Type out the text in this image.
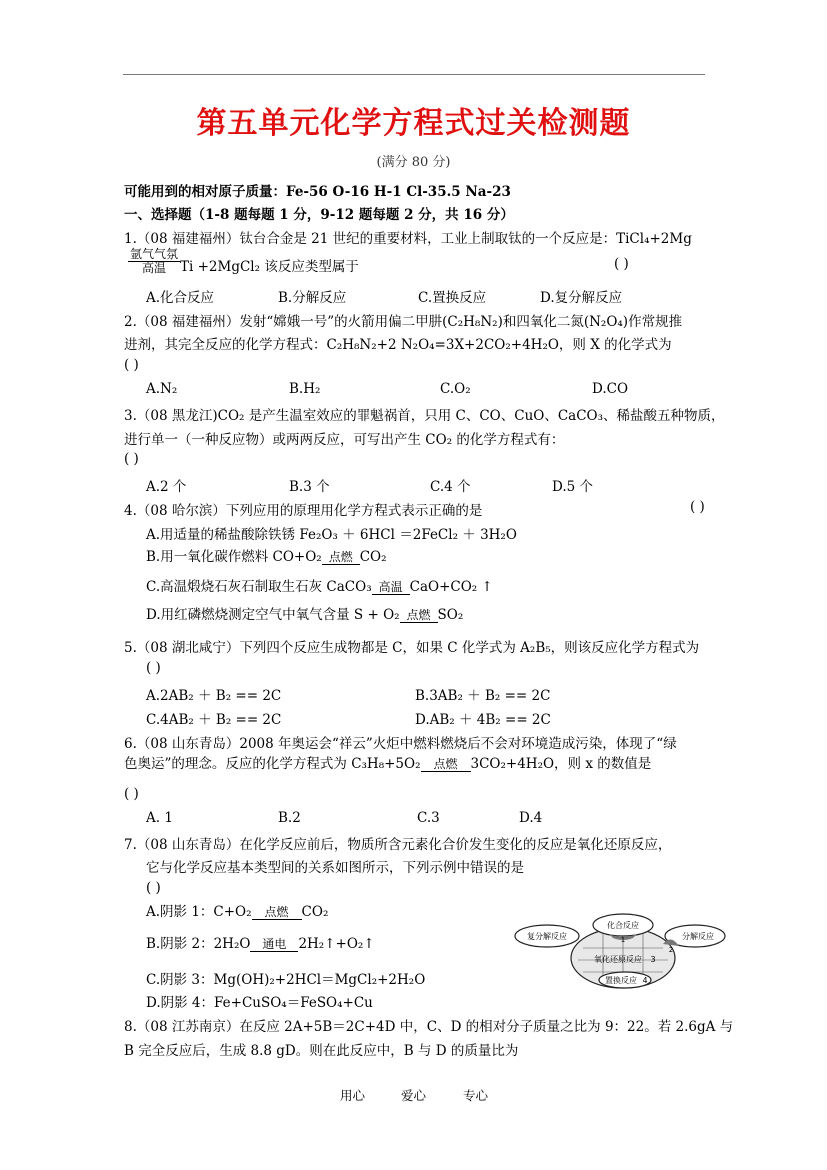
第五单元化学方程式过关检测题
(满分 80 分)
可能用到的相对原子质量：Fe-56 O-16 H-1 Cl-35.5 Na-23
一、选择题（1-8 题每题 1 分，9-12 题每题 2 分，共 16 分）
1.（08 福建福州）钛台合金是 21 世纪的重要材料，工业上制取钛的一个反应是：TiCl₄+2Mg
氩气气氛
高温	Ti +2MgCl₂ 该反应类型属于	( )
A.化合反应	B.分解反应	C.置换反应	D.复分解反应
2.（08 福建福州）发射“嫦娥一号”的火箭用偏二甲肼(C₂H₈N₂)和四氧化二氮(N₂O₄)作常规推
进剂，其完全反应的化学方程式：C₂H₈N₂+2 N₂O₄=3X+2CO₂+4H₂O，则 X 的化学式为
( )
A.N₂	B.H₂	C.O₂	D.CO
3.（08 黑龙江)CO₂ 是产生温室效应的罪魁祸首，只用 C、CO、CuO、CaCO₃、稀盐酸五种物质，
进行单一（一种反应物）或两两反应，可写出产生 CO₂ 的化学方程式有：
( )
A.2 个	B.3 个	C.4 个	D.5 个
4.（08 哈尔滨）下列应用的原理用化学方程式表示正确的是	( )
A.用适量的稀盐酸除铁锈 Fe₂O₃ ＋ 6HCl ＝2FeCl₂ ＋ 3H₂O
B.用一氧化碳作燃料 CO+O₂ 点燃 CO₂
C.高温煅烧石灰石制取生石灰 CaCO₃ 高温 CaO+CO₂ ↑
D.用红磷燃烧测定空气中氧气含量 S + O₂ 点燃 SO₂
5.（08 湖北咸宁）下列四个反应生成物都是 C，如果 C 化学式为 A₂B₅，则该反应化学方程式为
( )
A.2AB₂ ＋ B₂ == 2C	B.3AB₂ ＋ B₂ == 2C
C.4AB₂ ＋ B₂ == 2C	D.AB₂ ＋ 4B₂ == 2C
6.（08 山东青岛）2008 年奥运会“祥云”火炬中燃料燃烧后不会对环境造成污染，体现了“绿
色奥运”的理念。反应的化学方程式为 C₃H₈+5O₂	点燃 3CO₂+4H₂O，则 x 的数值是
( )
A. 1	B.2	C.3	D.4
7.（08 山东青岛）在化学反应前后，物质所含元素化合价发生变化的反应是氧化还原反应，
它与化学反应基本类型间的关系如图所示，下列示例中错误的是
( )
A.阴影 1：C+O₂	点燃 CO₂
B.阴影 2：2H₂O 通电 2H₂↑+O₂↑
C.阴影 3：Mg(OH)₂+2HCl＝MgCl₂+2H₂O
D.阴影 4：Fe+CuSO₄＝FeSO₄+Cu
复分解反应
化合反应
分解反应
氧化还原反应
置换反应
1
2
3
4
8.（08 江苏南京）在反应 2A+5B＝2C+4D 中，C、D 的相对分子质量之比为 9：22。若 2.6gA 与
B 完全反应后，生成 8.8 gD。则在此反应中，B 与 D 的质量比为
用心	爱心	专心
